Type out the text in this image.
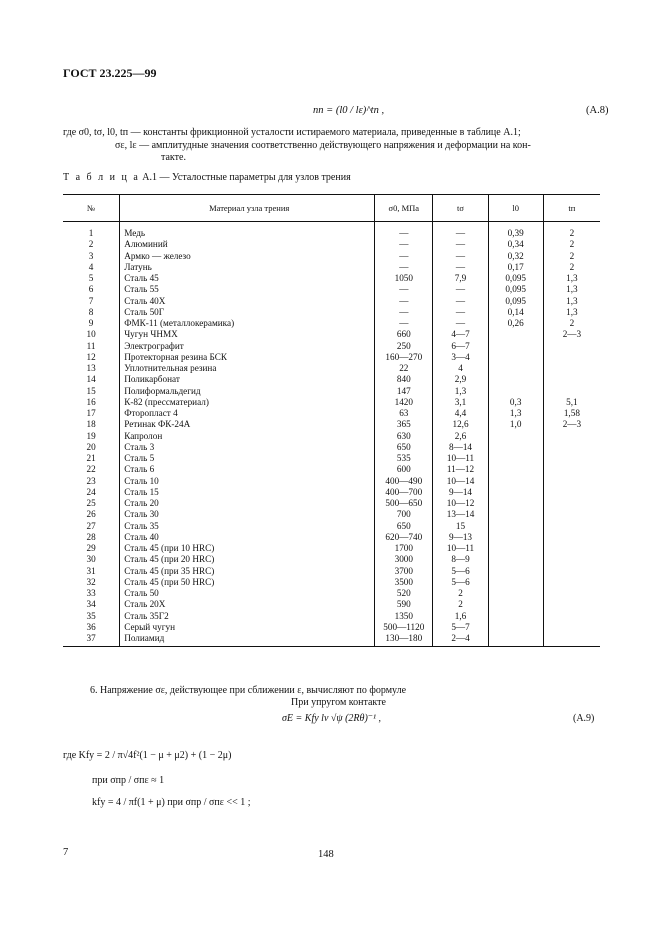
ГОСТ 23.225—99
nп = (l0 / lε)^tп ,	(А.8)
где σ0, tσ, l0, tп — константы фрикционной усталости истираемого материала, приведенные в таблице А.1;
σε, lε — амплитудные значения соответственно действующего напряжения и деформации на кон-
такте.
Т а б л и ц а А.1 — Усталостные параметры для узлов трения
№	Материал узла трения	σ0, МПа	tσ	l0	tп
1	Медь	—	—	0,39	2
2	Алюминий	—	—	0,34	2
3	Армко — железо	—	—	0,32	2
4	Латунь	—	—	0,17	2
5	Сталь 45	1050	7,9	0,095	1,3
6	Сталь 55	—	—	0,095	1,3
7	Сталь 40Х	—	—	0,095	1,3
8	Сталь 50Г	—	—	0,14	1,3
9	ФМК-11 (металлокерамика)	—	—	0,26	2
10	Чугун ЧНМХ	660	4—7		2—3
11	Электрографит	250	6—7		
12	Протекторная резина БСК	160—270	3—4		
13	Уплотнительная резина	22	4		
14	Поликарбонат	840	2,9		
15	Полиформальдегид	147	1,3		
16	К-82 (прессматериал)	1420	3,1	0,3	5,1
17	Фторопласт 4	63	4,4	1,3	1,58
18	Ретинак ФК-24А	365	12,6	1,0	2—3
19	Капролон	630	2,6		
20	Сталь 3	650	8—14		
21	Сталь 5	535	10—11		
22	Сталь 6	600	11—12		
23	Сталь 10	400—490	10—14		
24	Сталь 15	400—700	9—14		
25	Сталь 20	500—650	10—12		
26	Сталь 30	700	13—14		
27	Сталь 35	650	15		
28	Сталь 40	620—740	9—13		
29	Сталь 45 (при 10 HRC)	1700	10—11		
30	Сталь 45 (при 20 HRC)	3000	8—9		
31	Сталь 45 (при 35 HRC)	3700	5—6		
32	Сталь 45 (при 50 HRC)	3500	5—6		
33	Сталь 50	520	2		
34	Сталь 20Х	590	2		
35	Сталь 35Г2	1350	1,6		
36	Серый чугун	500—1120	5—7		
37	Полиамид	130—180	2—4		
6. Напряжение σε, действующее при сближении ε, вычисляют по формуле
При упругом контакте
σE = Kfy lv √ψ (2Rθ)⁻¹ ,	(А.9)
где Kfy = 2 / π√4f²(1 − μ + μ2) + (1 − 2μ)
при σпр / σпε ≈ 1
kfy = 4 / πf(1 + μ) при σпр / σпε << 1 ;
7	148
